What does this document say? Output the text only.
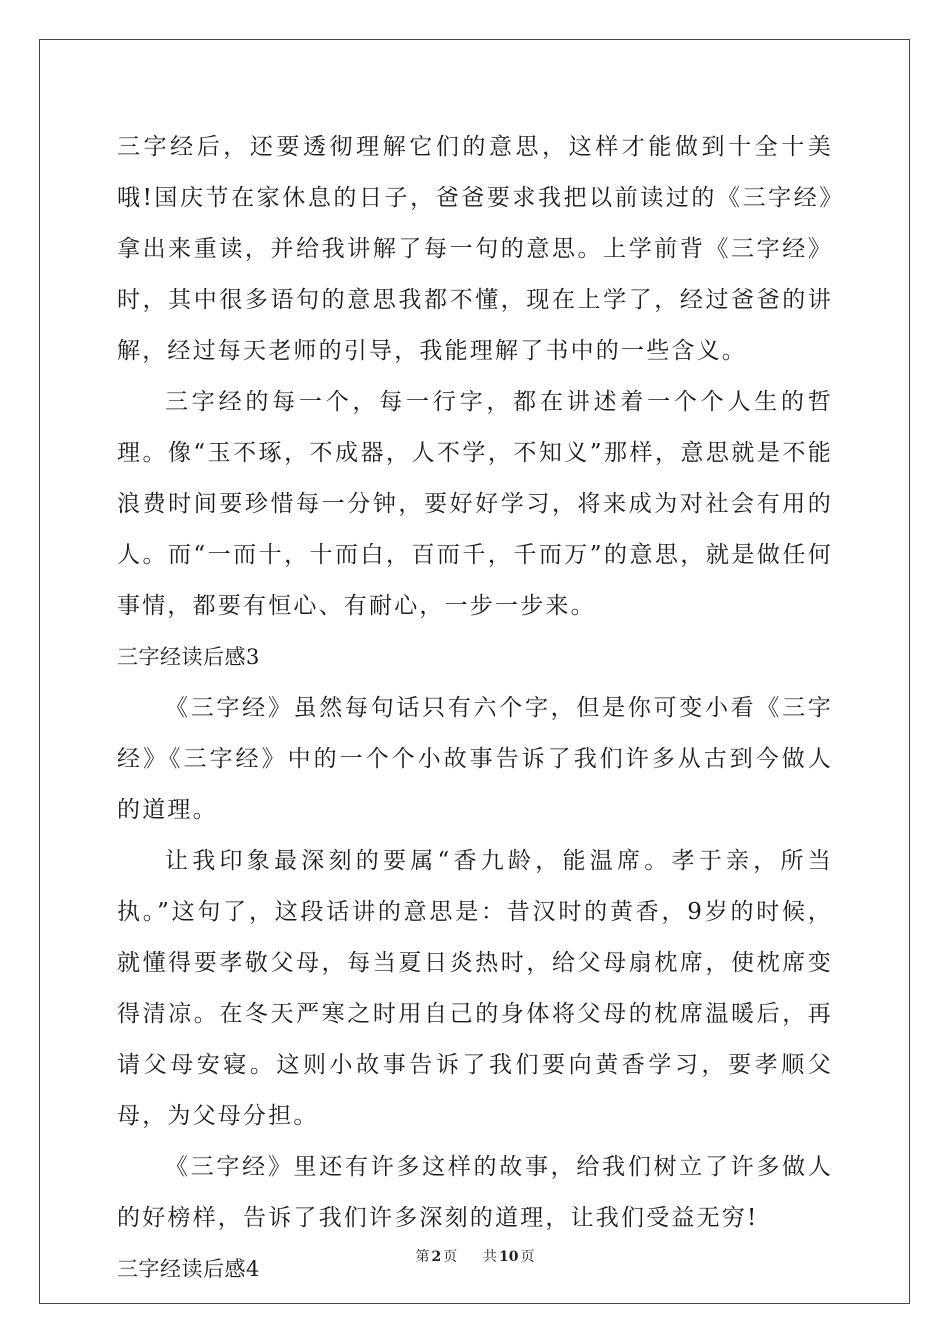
三字经后，还要透彻理解它们的意思，这样才能做到十全十美哦!国庆节在家休息的日子，爸爸要求我把以前读过的《三字经》拿出来重读，并给我讲解了每一句的意思。上学前背《三字经》时，其中很多语句的意思我都不懂，现在上学了，经过爸爸的讲解，经过每天老师的引导，我能理解了书中的一些含义。

三字经的每一个，每一行字，都在讲述着一个个人生的哲理。像“玉不琢，不成器，人不学，不知义”那样，意思就是不能浪费时间要珍惜每一分钟，要好好学习，将来成为对社会有用的人。而“一而十，十而白，百而千，千而万”的意思，就是做任何事情，都要有恒心、有耐心，一步一步来。

三字经读后感3

《三字经》虽然每句话只有六个字，但是你可变小看《三字经》《三字经》中的一个个小故事告诉了我们许多从古到今做人的道理。

让我印象最深刻的要属“香九龄，能温席。孝于亲，所当执。”这句了，这段话讲的意思是：昔汉时的黄香，9岁的时候，就懂得要孝敬父母，每当夏日炎热时，给父母扇枕席，使枕席变得清凉。在冬天严寒之时用自己的身体将父母的枕席温暖后，再请父母安寝。这则小故事告诉了我们要向黄香学习，要孝顺父母，为父母分担。

《三字经》里还有许多这样的故事，给我们树立了许多做人的好榜样，告诉了我们许多深刻的道理，让我们受益无穷!

三字经读后感4	第 2 页 共 10 页
